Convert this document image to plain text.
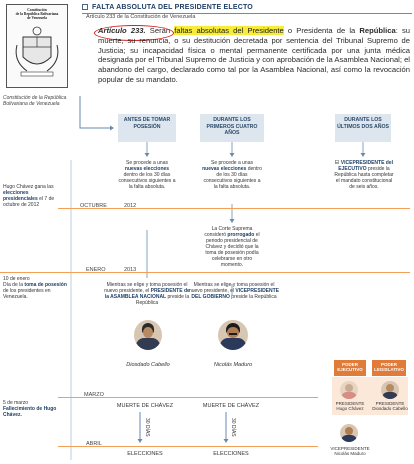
FALTA ABSOLUTA DEL PRESIDENTE ELECTO
Artículo 233 de la Constitución de Venezuela
Constitución
de la República Bolivariana
de Venezuela
Constitución de la República Bolivariana de Venezuela
Artículo 233. Serán faltas absolutas del Presidente o Presidenta de la República: su muerte, su renuncia, o su destitución decretada por sentencia del Tribunal Supremo de Justicia; su incapacidad física o mental permanente certificada por una junta médica designada por el Tribunal Supremo de Justicia y con aprobación de la Asamblea Nacional; el abandono del cargo, declarado como tal por la Asamblea Nacional, así como la revocación popular de su mandato.
ANTES DE TOMAR POSESIÓN
DURANTE LOS PRIMEROS CUATRO AÑOS
DURANTE LOS ÚLTIMOS DOS AÑOS
OCTUBRE	2012
ENERO	2013
MARZO
ABRIL
Hugo Chávez gana las elecciones presidenciales el 7 de octubre de 2012
10 de enero
Día de la toma de posesión de los presidentes en Venezuela.
5 de marzo
Fallecimiento de Hugo Chávez.
Se procede a unas nuevas elecciones dentro de los 30 días consecutivos siguientes a la falta absoluta.
Mientras se elige y toma posesión el nuevo presidente, el PRESIDENTE de la ASAMBLEA NACIONAL preside la República
Diosdado Cabello
MUERTE DE CHÁVEZ
30 DÍAS
ELECCIONES
Se procede a unas nuevas elecciones dentro de los 30 días consecutivos siguientes a la falta absoluta.
La Corte Suprema consideró prorrogado el periodo presidencial de Chávez y decidió que la toma de posesión podía celebrarse en otro momento.
Mientras se elige y toma posesión el nuevo presidente, el VICEPRESIDENTE DEL GOBIERNO preside la República
Nicolás Maduro
MUERTE DE CHÁVEZ
30 DÍAS
ELECCIONES
El VICEPRESIDENTE del EJECUTIVO preside la República hasta completar el mandato constitucional de seis años.
PODER EJECUTIVO
PODER LEGISLATIVO
PRESIDENTE
Hugo Chávez
PRESIDENTE
Diosdado Cabello
VICEPRESIDENTE
Nicolás Maduro
